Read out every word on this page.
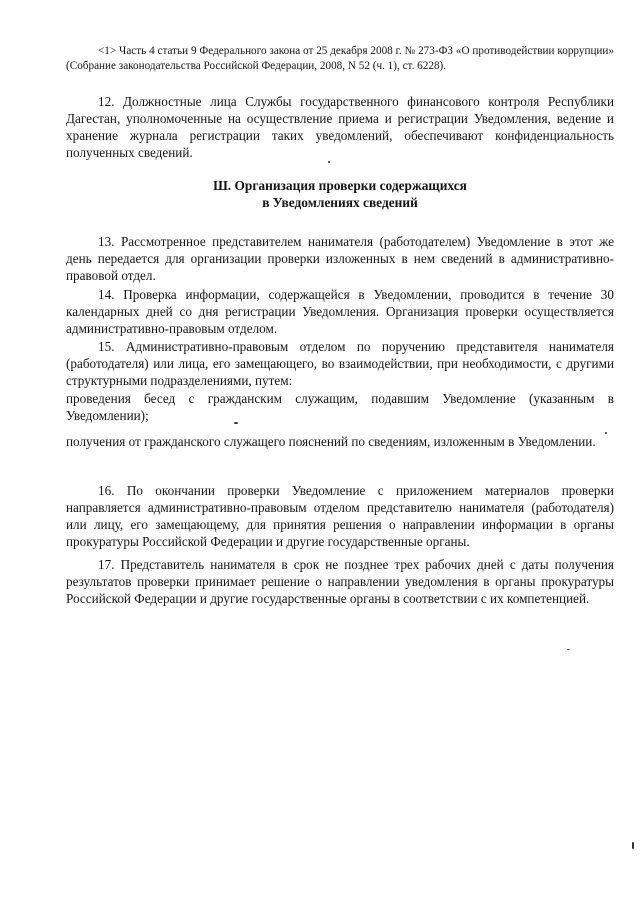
<1> Часть 4 статьи 9 Федерального закона от 25 декабря 2008 г. № 273-ФЗ «О противодействии коррупции» (Собрание законодательства Российской Федерации, 2008, N 52 (ч. 1), ст. 6228).

12. Должностные лица Службы государственного финансового контроля Республики Дагестан, уполномоченные на осуществление приема и регистрации Уведомления, ведение и хранение журнала регистрации таких уведомлений, обеспечивают конфиденциальность полученных сведений.

Ш. Организация проверки содержащихся
в Уведомлениях сведений

13. Рассмотренное представителем нанимателя (работодателем) Уведомление в этот же день передается для организации проверки изложенных в нем сведений в административно-правовой отдел.

14. Проверка информации, содержащейся в Уведомлении, проводится в течение 30 календарных дней со дня регистрации Уведомления. Организация проверки осуществляется административно-правовым отделом.

15. Административно-правовым отделом по поручению представителя нанимателя (работодателя) или лица, его замещающего, во взаимодействии, при необходимости, с другими структурными подразделениями, путем:

проведения бесед с гражданским служащим, подавшим Уведомление (указанным в Уведомлении);

получения от гражданского служащего пояснений по сведениям, изложенным в Уведомлении.

16. По окончании проверки Уведомление с приложением материалов проверки направляется административно-правовым отделом представителю нанимателя (работодателя) или лицу, его замещающему, для принятия решения о направлении информации в органы прокуратуры Российской Федерации и другие государственные органы.

17. Представитель нанимателя в срок не позднее трех рабочих дней с даты получения результатов проверки принимает решение о направлении уведомления в органы прокуратуры Российской Федерации и другие государственные органы в соответствии с их компетенцией.
